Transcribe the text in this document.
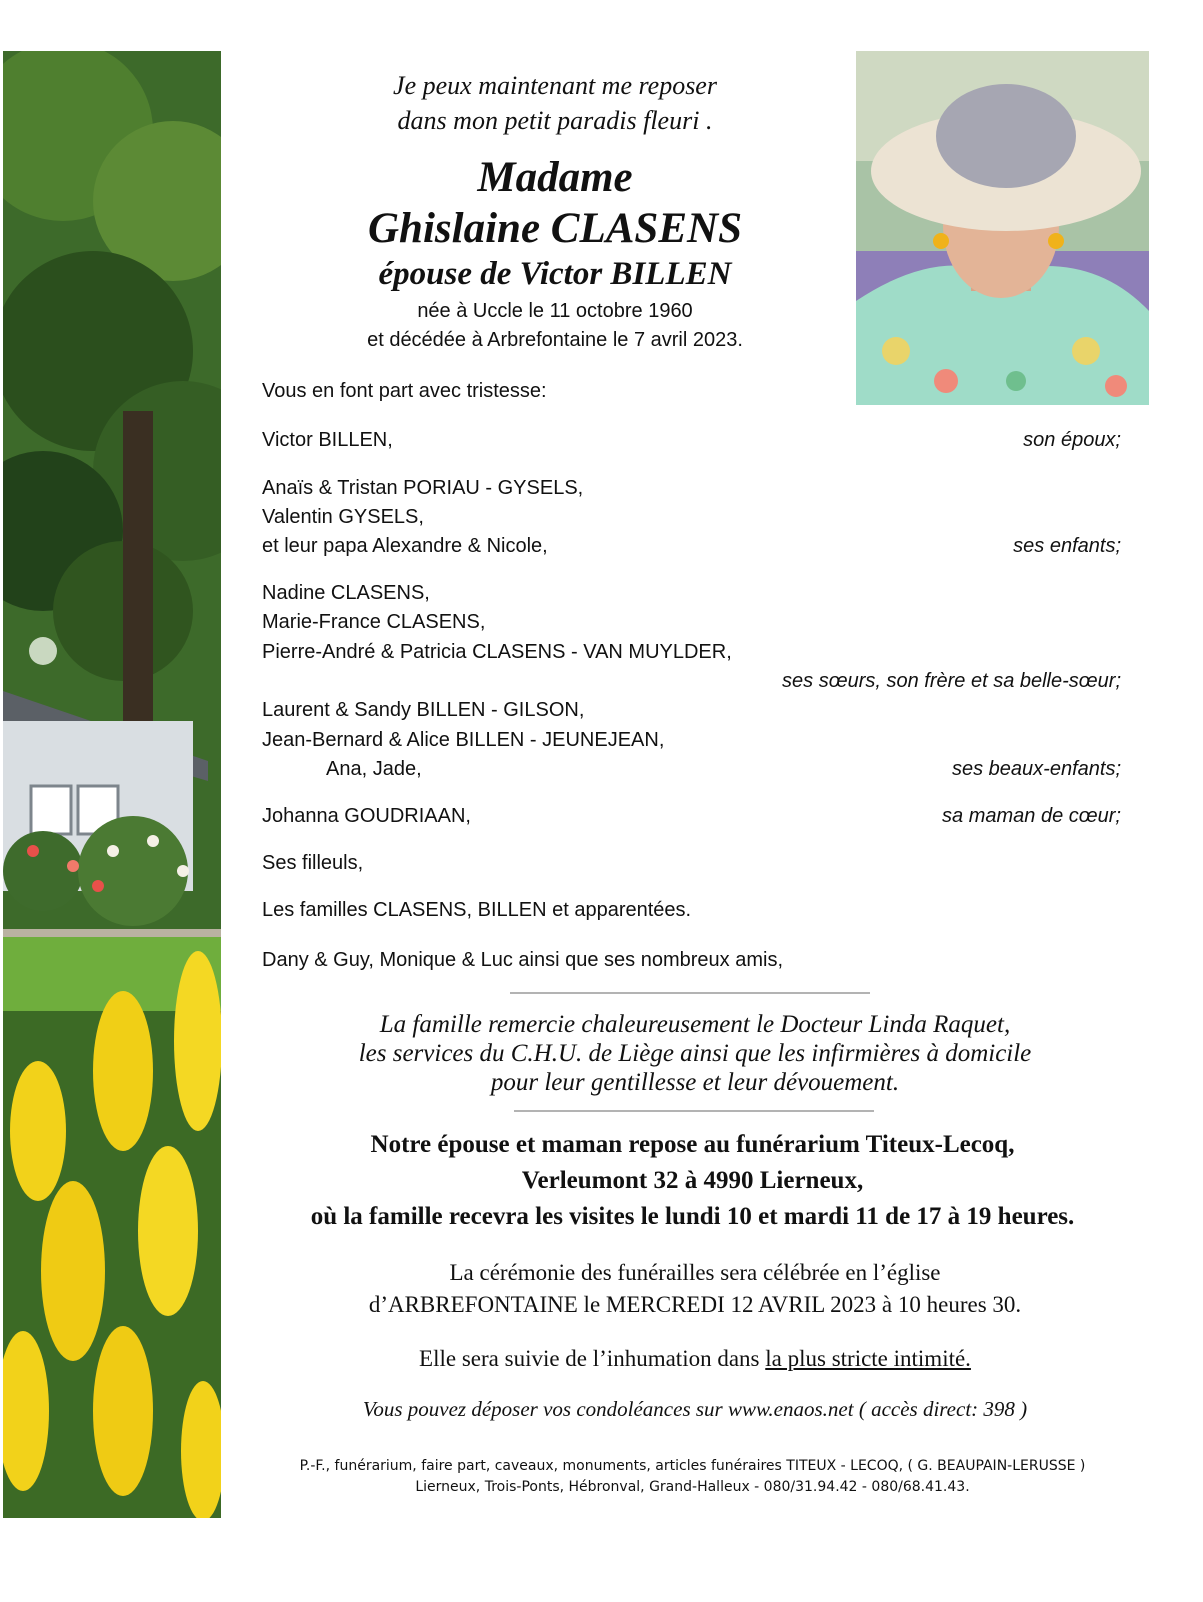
Je peux maintenant me reposer
dans mon petit paradis fleuri .
Madame
Ghislaine CLASENS
épouse de Victor BILLEN
née à Uccle le 11 octobre 1960
et décédée à Arbrefontaine le 7 avril 2023.
Vous en font part avec tristesse:
Victor BILLEN,	son époux;
Anaïs & Tristan PORIAU - GYSELS,
Valentin GYSELS,
et leur papa Alexandre & Nicole,	ses enfants;
Nadine CLASENS,
Marie-France CLASENS,
Pierre-André & Patricia CLASENS - VAN MUYLDER,
ses sœurs, son frère et sa belle-sœur;
Laurent & Sandy BILLEN - GILSON,
Jean-Bernard & Alice BILLEN - JEUNEJEAN,
Ana, Jade,	ses beaux-enfants;
Johanna GOUDRIAAN,	sa maman de cœur;
Ses filleuls,
Les familles CLASENS, BILLEN et apparentées.
Dany & Guy, Monique & Luc ainsi que ses nombreux amis,
La famille remercie chaleureusement le Docteur Linda Raquet,
les services du C.H.U. de Liège ainsi que les infirmières à domicile
pour leur gentillesse et leur dévouement.
Notre épouse et maman repose au funérarium Titeux-Lecoq,
Verleumont 32 à 4990 Lierneux,
où la famille recevra les visites le lundi 10 et mardi 11 de 17 à 19 heures.
La cérémonie des funérailles sera célébrée en l’église
d’ARBREFONTAINE le MERCREDI 12 AVRIL 2023 à 10 heures 30.
Elle sera suivie de l’inhumation dans la plus stricte intimité.
Vous pouvez déposer vos condoléances sur www.enaos.net ( accès direct: 398 )
P.-F., funérarium, faire part, caveaux, monuments, articles funéraires TITEUX - LECOQ, ( G. BEAUPAIN-LERUSSE )
Lierneux, Trois-Ponts, Hébronval, Grand-Halleux - 080/31.94.42 - 080/68.41.43.
